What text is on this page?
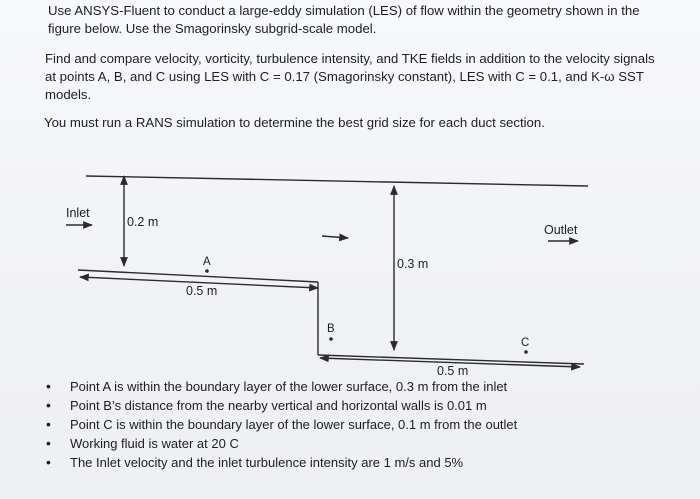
Use ANSYS-Fluent to conduct a large-eddy simulation (LES) of flow within the geometry shown in the figure below. Use the Smagorinsky subgrid-scale model.
Find and compare velocity, vorticity, turbulence intensity, and TKE fields in addition to the velocity signals at points A, B, and C using LES with C = 0.17 (Smagorinsky constant), LES with C = 0.1, and K-ω SST models.
You must run a RANS simulation to determine the best grid size for each duct section.
Inlet
Outlet
0.2 m
0.3 m
0.5 m
0.5 m
A
B
C
• Point A is within the boundary layer of the lower surface, 0.3 m from the inlet
• Point B’s distance from the nearby vertical and horizontal walls is 0.01 m
• Point C is within the boundary layer of the lower surface, 0.1 m from the outlet
• Working fluid is water at 20 C
• The Inlet velocity and the inlet turbulence intensity are 1 m/s and 5%
